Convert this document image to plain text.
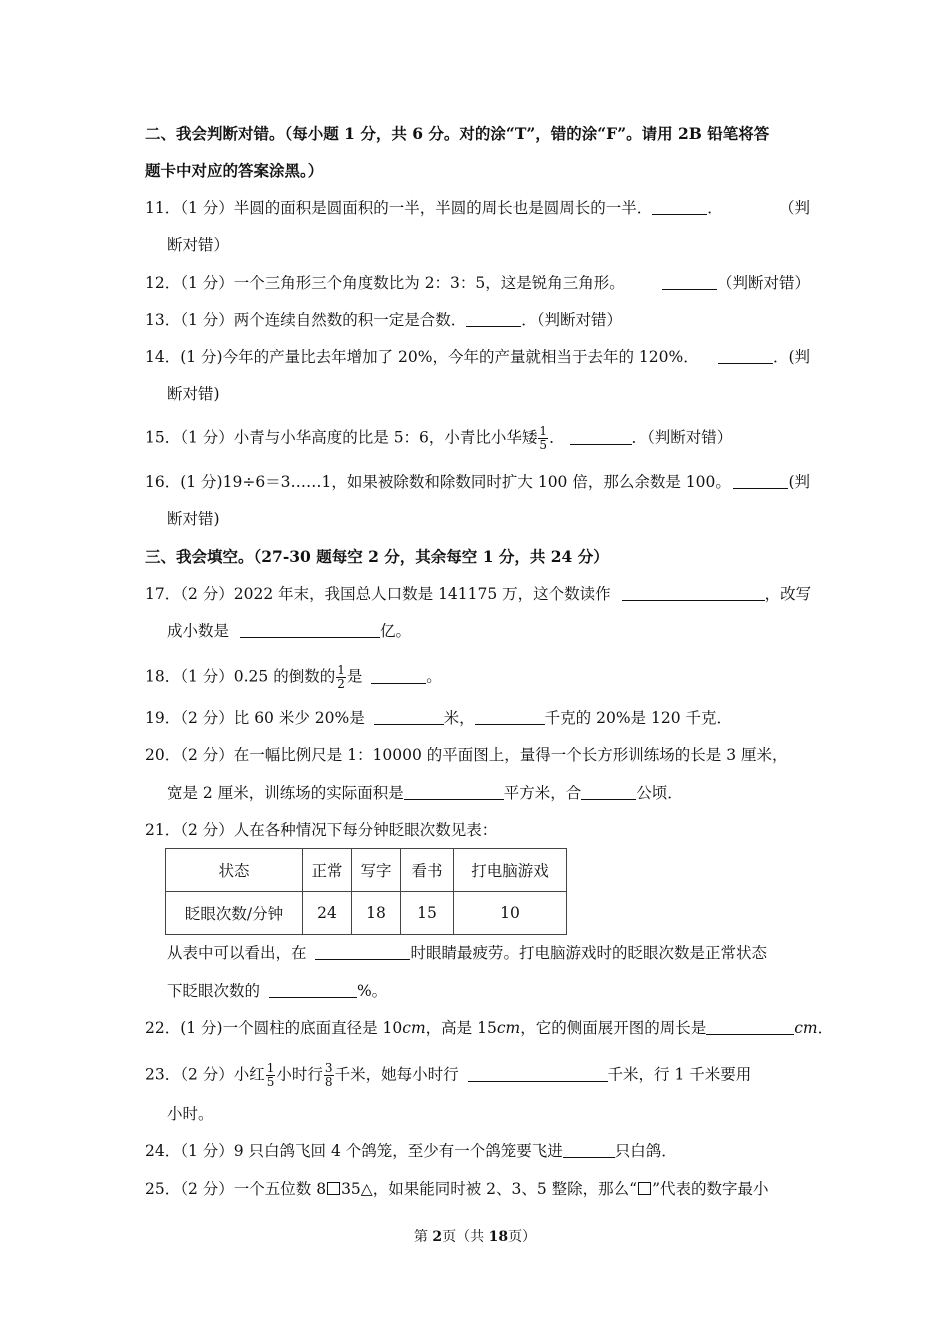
二、我会判断对错。（每小题 1 分，共 6 分。对的涂“T”，错的涂“F”。请用 2B 铅笔将答
题卡中对应的答案涂黑。）
11．（1 分）半圆的面积是圆面积的一半，半圆的周长也是圆周长的一半．	．	（判
断对错）
12．（1 分）一个三角形三个角度数比为 2：3：5，这是锐角三角形。	（判断对错）
13．（1 分）两个连续自然数的积一定是合数．	．（判断对错）
14．(1 分)今年的产量比去年增加了 20%，今年的产量就相当于去年的 120%．	．(判
断对错)
15．（1 分）小青与小华高度的比是 5：6，小青比小华矮 $\frac{1}{5}$ ．	．（判断对错）
16．(1 分)19÷6＝3……1，如果被除数和除数同时扩大 100 倍，那么余数是 100。	(判
断对错)
三、我会填空。（27-30 题每空 2 分，其余每空 1 分，共 24 分）
17．（2 分）2022 年末，我国总人口数是 141175 万，这个数读作	，改写
成小数是	亿。
18．（1 分）0.25 的倒数的 $\frac{1}{2}$ 是	。
19．（2 分）比 60 米少 20%是	米，	千克的 20%是 120 千克．
20．（2 分）在一幅比例尺是 1：10000 的平面图上，量得一个长方形训练场的长是 3 厘米，
宽是 2 厘米，训练场的实际面积是	平方米，合	公顷．
21．（2 分）人在各种情况下每分钟眨眼次数见表：
状态	正常	写字	看书	打电脑游戏
眨眼次数/分钟	24	18	15	10
从表中可以看出，在	时眼睛最疲劳。打电脑游戏时的眨眼次数是正常状态
下眨眼次数的	%。
22．(1 分)一个圆柱的底面直径是 10cm，高是 15cm，它的侧面展开图的周长是	cm．
23．（2 分）小红 $\frac{1}{5}$ 小时行 $\frac{3}{8}$ 千米，她每小时行	千米，行 1 千米要用
小时。
24．（1 分）9 只白鸽飞回 4 个鸽笼，至少有一个鸽笼要飞进	只白鸽．
25．（2 分）一个五位数 8 35△，如果能同时被 2、3、5 整除，那么“ ”代表的数字最小
第 2页（共 18页）
